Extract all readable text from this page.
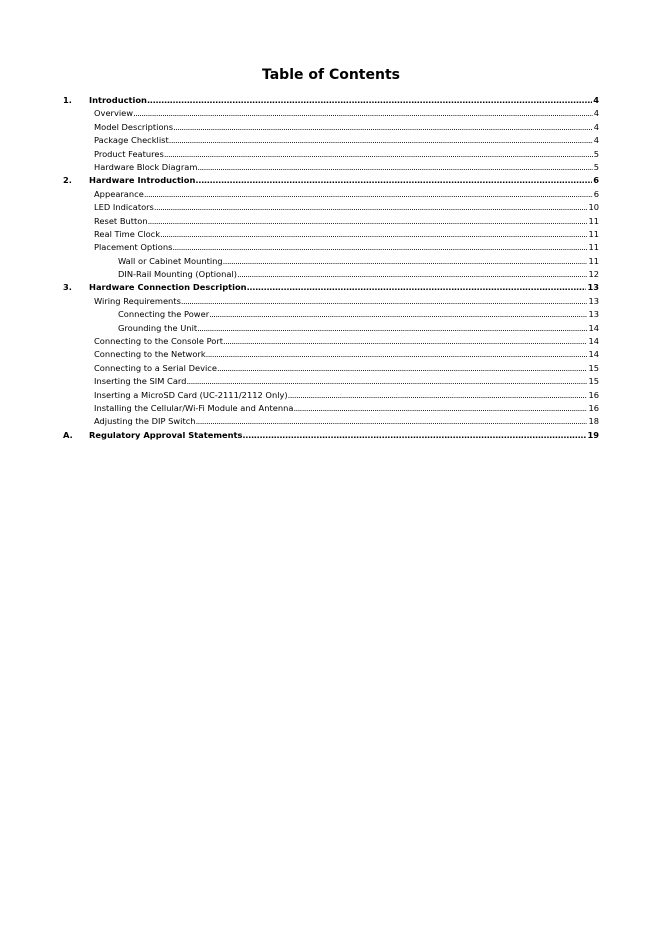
Table of Contents
1. Introduction . . .	4
Overview . . .	4
Model Descriptions . . .	4
Package Checklist . . .	4
Product Features . . .	5
Hardware Block Diagram . . .	5
2. Hardware Introduction . . .	6
Appearance . . .	6
LED Indicators . . .	10
Reset Button . . .	11
Real Time Clock . . .	11
Placement Options . . .	11
Wall or Cabinet Mounting . . .	11
DIN-Rail Mounting (Optional) . . .	12
3. Hardware Connection Description . . .	13
Wiring Requirements . . .	13
Connecting the Power . . .	13
Grounding the Unit . . .	14
Connecting to the Console Port . . .	14
Connecting to the Network . . .	14
Connecting to a Serial Device . . .	15
Inserting the SIM Card . . .	15
Inserting a MicroSD Card (UC-2111/2112 Only) . . .	16
Installing the Cellular/Wi-Fi Module and Antenna . . .	16
Adjusting the DIP Switch . . .	18
A. Regulatory Approval Statements . . .	19
